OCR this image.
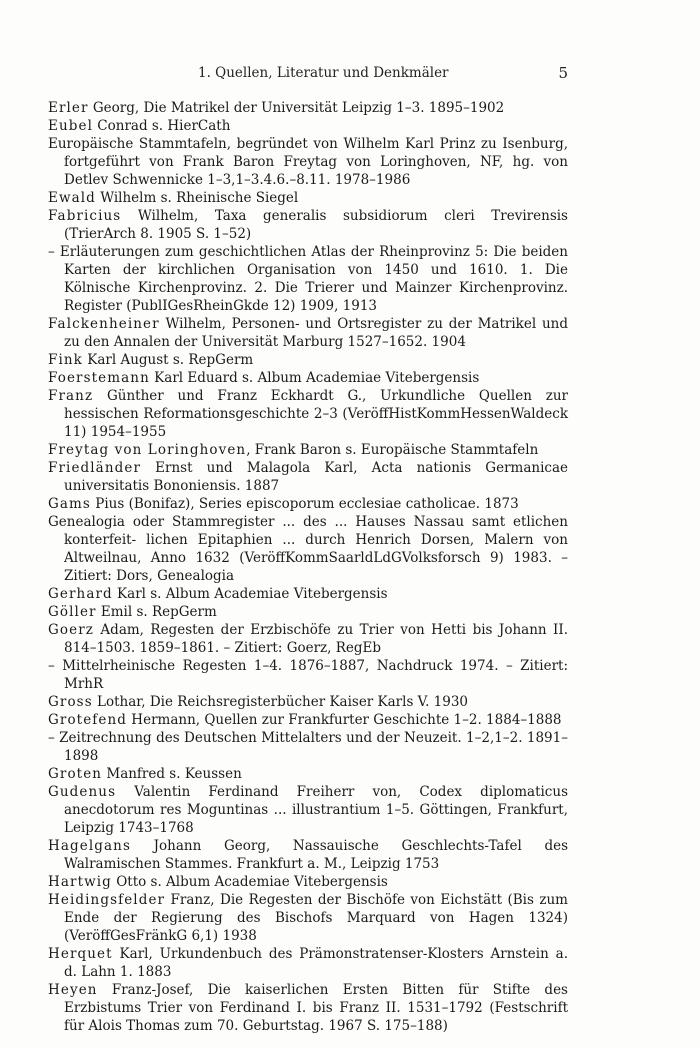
1. Quellen, Literatur und Denkmäler	5

Erler Georg, Die Matrikel der Universität Leipzig 1–3. 1895–1902

Eubel Conrad s. HierCath

Europäische Stammtafeln, begründet von Wilhelm Karl Prinz zu Isenburg, fortgeführt von Frank Baron Freytag von Loringhoven, NF, hg. von Detlev Schwennicke 1–3,1–3.4.6.–8.11. 1978–1986

Ewald Wilhelm s. Rheinische Siegel

Fabricius Wilhelm, Taxa generalis subsidiorum cleri Trevirensis (TrierArch 8. 1905 S. 1–52)

– Erläuterungen zum geschichtlichen Atlas der Rheinprovinz 5: Die beiden Karten der kirchlichen Organisation von 1450 und 1610. 1. Die Kölnische Kirchenprovinz. 2. Die Trierer und Mainzer Kirchenprovinz. Register (PublIGesRheinGkde 12) 1909, 1913

Falckenheiner Wilhelm, Personen- und Ortsregister zu der Matrikel und zu den Annalen der Universität Marburg 1527–1652. 1904

Fink Karl August s. RepGerm

Foerstemann Karl Eduard s. Album Academiae Vitebergensis

Franz Günther und Franz Eckhardt G., Urkundliche Quellen zur hessischen Reformationsgeschichte 2–3 (VeröffHistKommHessenWaldeck 11) 1954–1955

Freytag von Loringhoven, Frank Baron s. Europäische Stammtafeln

Friedländer Ernst und Malagola Karl, Acta nationis Germanicae universitatis Bononiensis. 1887

Gams Pius (Bonifaz), Series episcoporum ecclesiae catholicae. 1873

Genealogia oder Stammregister ... des ... Hauses Nassau samt etlichen konterfeit- lichen Epitaphien ... durch Henrich Dorsen, Malern von Altweilnau, Anno 1632 (VeröffKommSaarldLdGVolksforsch 9) 1983. – Zitiert: Dors, Genealogia

Gerhard Karl s. Album Academiae Vitebergensis

Göller Emil s. RepGerm

Goerz Adam, Regesten der Erzbischöfe zu Trier von Hetti bis Johann II. 814–1503. 1859–1861. – Zitiert: Goerz, RegEb

– Mittelrheinische Regesten 1–4. 1876–1887, Nachdruck 1974. – Zitiert: MrhR

Gross Lothar, Die Reichsregisterbücher Kaiser Karls V. 1930

Grotefend Hermann, Quellen zur Frankfurter Geschichte 1–2. 1884–1888

– Zeitrechnung des Deutschen Mittelalters und der Neuzeit. 1–2,1–2. 1891–1898

Groten Manfred s. Keussen

Gudenus Valentin Ferdinand Freiherr von, Codex diplomaticus anecdotorum res Moguntinas ... illustrantium 1–5. Göttingen, Frankfurt, Leipzig 1743–1768

Hagelgans Johann Georg, Nassauische Geschlechts-Tafel des Walramischen Stammes. Frankfurt a. M., Leipzig 1753

Hartwig Otto s. Album Academiae Vitebergensis

Heidingsfelder Franz, Die Regesten der Bischöfe von Eichstätt (Bis zum Ende der Regierung des Bischofs Marquard von Hagen 1324) (VeröffGesFränkG 6,1) 1938

Herquet Karl, Urkundenbuch des Prämonstratenser-Klosters Arnstein a. d. Lahn 1. 1883

Heyen Franz-Josef, Die kaiserlichen Ersten Bitten für Stifte des Erzbistums Trier von Ferdinand I. bis Franz II. 1531–1792 (Festschrift für Alois Thomas zum 70. Geburtstag. 1967 S. 175–188)
